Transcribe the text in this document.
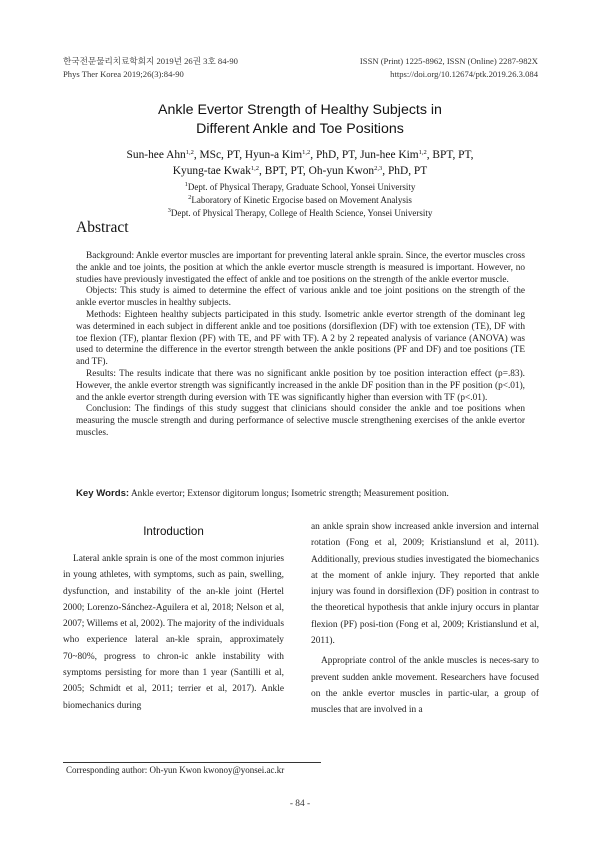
한국전문물리치료학회지 2019년 26권 3호 84-90
Phys Ther Korea 2019;26(3):84-90
ISSN (Print) 1225-8962, ISSN (Online) 2287-982X
https://doi.org/10.12674/ptk.2019.26.3.084
Ankle Evertor Strength of Healthy Subjects in
Different Ankle and Toe Positions
Sun-hee Ahn$^{1,2}$, MSc, PT, Hyun-a Kim$^{1,2}$, PhD, PT, Jun-hee Kim$^{1,2}$, BPT, PT,
Kyung-tae Kwak$^{1,2}$, BPT, PT, Oh-yun Kwon$^{2,3}$, PhD, PT
$^1$Dept. of Physical Therapy, Graduate School, Yonsei University
$^2$Laboratory of Kinetic Ergocise based on Movement Analysis
$^3$Dept. of Physical Therapy, College of Health Science, Yonsei University
Abstract

Background: Ankle evertor muscles are important for preventing lateral ankle sprain. Since, the evertor muscles cross the ankle and toe joints, the position at which the ankle evertor muscle strength is measured is important. However, no studies have previously investigated the effect of ankle and toe positions on the strength of the ankle evertor muscle.

Objects: This study is aimed to determine the effect of various ankle and toe joint positions on the strength of the ankle evertor muscles in healthy subjects.

Methods: Eighteen healthy subjects participated in this study. Isometric ankle evertor strength of the dominant leg was determined in each subject in different ankle and toe positions (dorsiflexion (DF) with toe extension (TE), DF with toe flexion (TF), plantar flexion (PF) with TE, and PF with TF). A 2 by 2 repeated analysis of variance (ANOVA) was used to determine the difference in the evertor strength between the ankle positions (PF and DF) and toe positions (TE and TF).

Results: The results indicate that there was no significant ankle position by toe position interaction effect (p=.83). However, the ankle evertor strength was significantly increased in the ankle DF position than in the PF position (p<.01), and the ankle evertor strength during eversion with TE was significantly higher than eversion with TF (p<.01).

Conclusion: The findings of this study suggest that clinicians should consider the ankle and toe positions when measuring the muscle strength and during performance of selective muscle strengthening exercises of the ankle evertor muscles.

Key Words: Ankle evertor; Extensor digitorum longus; Isometric strength; Measurement position.
Introduction

Lateral ankle sprain is one of the most common injuries in young athletes, with symptoms, such as pain, swelling, dysfunction, and instability of the an-kle joint (Hertel 2000; Lorenzo-Sánchez-Aguilera et al, 2018; Nelson et al, 2007; Willems et al, 2002). The majority of the individuals who experience lateral an-kle sprain, approximately 70~80%, progress to chron-ic ankle instability with symptoms persisting for more than 1 year (Santilli et al, 2005; Schmidt et al, 2011; terrier et al, 2017). Ankle biomechanics during

an ankle sprain show increased ankle inversion and internal rotation (Fong et al, 2009; Kristianslund et al, 2011). Additionally, previous studies investigated the biomechanics at the moment of ankle injury. They reported that ankle injury was found in dorsiflexion (DF) position in contrast to the theoretical hypothesis that ankle injury occurs in plantar flexion (PF) posi-tion (Fong et al, 2009; Kristianslund et al, 2011).

Appropriate control of the ankle muscles is neces-sary to prevent sudden ankle movement. Researchers have focused on the ankle evertor muscles in partic-ular, a group of muscles that are involved in a

Corresponding author: Oh-yun Kwon kwonoy@yonsei.ac.kr
- 84 -
